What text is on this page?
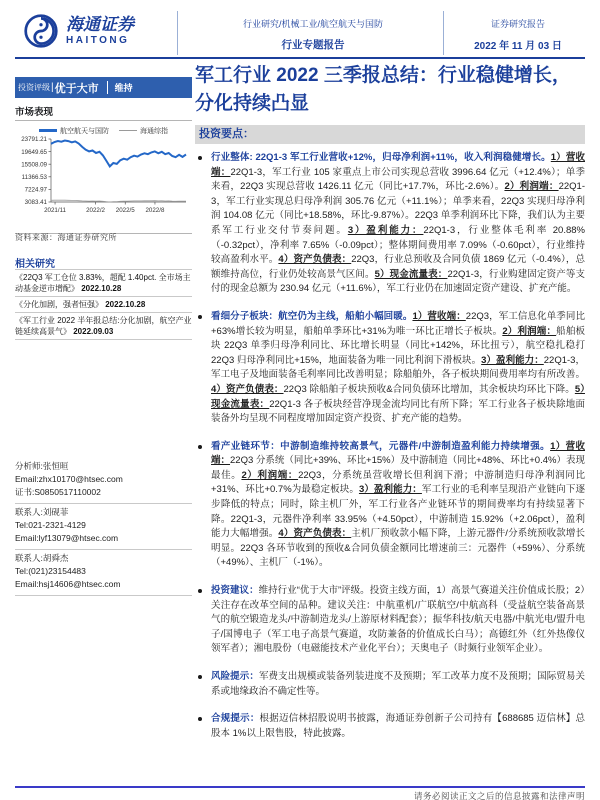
海通证券
HAITONG
行业研究/机械工业/航空航天与国防
行业专题报告
证券研究报告
2022 年 11 月 03 日
投资评级 | 优于大市 维持
市场表现
航空航天与国防	海通综指
23791.21
19649.65
15508.09
11366.53
7224.97
3083.41
2021/11	2022/2 2022/5 2022/8
资料来源：海通证券研究所
相关研究
《22Q3 军工仓位 3.83%，超配 1.40pct. 全市场主动基金逆市增配》 2022.10.28
《分化加剧，强者恒强》 2022.10.28
《军工行业 2022 半年报总结:分化加剧，航空产业链延续高景气》 2022.09.03
分析师:张恒晅
Email:zhx10170@htsec.com
证书:S0850517110002
联系人:刘砚菲
Tel:021-2321-4129
Email:lyf13079@htsec.com
联系人:胡舜杰
Tel:(021)23154483
Email:hsj14606@htsec.com
军工行业 2022 三季报总结：行业稳健增长，分化持续凸显
投资要点：
行业整体: 22Q1-3 军工行业营收+12%，归母净利润+11%，收入利润稳健增长。1）营收端：22Q1-3，军工行业 105 家重点上市公司实现总营收 3996.64 亿元（+12.4%）；单季来看，22Q3 实现总营收 1426.11 亿元（同比+17.7%，环比-2.6%）。2）利润端：22Q1-3，军工行业实现总归母净利润 305.76 亿元（+11.1%）；单季来看，22Q3 实现归母净利润 104.08 亿元（同比+18.58%，环比-9.87%）。22Q3 单季利润环比下降，我们认为主要系军工行业交付节奏问题。3）盈利能力：22Q1-3，行业整体毛利率 20.88%（-0.32pct），净利率 7.65%（-0.09pct）；整体期间费用率 7.09%（-0.60pct），行业维持较高盈利水平。4）资产负债表：22Q3，行业总预收及合同负债 1869 亿元（-0.4%），总额维持高位，行业仍处较高景气区间。5）现金流量表：22Q1-3，行业购建固定资产等支付的现金总额为 230.94 亿元（+11.6%），军工行业仍在加速固定资产建设、扩充产能。
看细分子板块：航空仍为主线，船舶小幅回暖。1）营收端：22Q3，军工信息化单季同比+63%增长较为明显，船舶单季环比+31%为唯一环比正增长子板块。2）利润端：船舶板块 22Q3 单季归母净利同比、环比增长明显（同比+142%，环比扭亏），航空稳扎稳打 22Q3 归母净利同比+15%，地面装备为唯一同比利润下滑板块。3）盈利能力：22Q1-3，军工电子及地面装备毛利率同比改善明显；除船舶外，各子板块期间费用率均有所改善。4）资产负债表：22Q3 除船舶子板块预收&合同负债环比增加，其余板块均环比下降。5）现金流量表：22Q1-3 各子板块经营净现金流均同比有所下降；军工行业各子板块除地面装备外均呈现不同程度增加固定资产投资、扩充产能的趋势。
看产业链环节：中游制造维持较高景气，元器件/中游制造盈利能力持续增强。1）营收端：22Q3 分系统（同比+39%、环比+15%）及中游制造（同比+48%、环比+0.4%）表现最佳。2）利润端：22Q3，分系统虽营收增长但利润下滑；中游制造归母净利润同比+31%、环比+0.7%为最稳定板块。3）盈利能力：军工行业的毛利率呈现沿产业链向下逐步降低的特点；同时，除主机厂外，军工行业各产业链环节的期间费率均有持续显著下降。22Q1-3，元器件净利率 33.95%（+4.50pct），中游制造 15.92%（+2.06pct），盈利能力大幅增强。4）资产负债表：主机厂预收款小幅下降，上游元器件/分系统预收款增长明显。22Q3 各环节收到的预收&合同负债金额同比增速前三：元器件（+59%）、分系统（+49%）、主机厂（-1%）。
投资建议：维持行业“优于大市”评级。投资主线方面，1）高景气赛道关注价值成长股；2）关注存在改革空间的品种。建议关注：中航重机/广联航空/中航高科（受益航空装备高景气的航空锻造龙头/中游制造龙头/上游原材料配套）；振华科技/航天电器/中航光电/盟升电子/国博电子（军工电子高景气赛道，攻防兼备的价值成长白马）；高德红外（红外热像仪领军者）；湘电股份（电磁能技术产业化平台）；天奥电子（时频行业领军企业）。
风险提示：军费支出规模或装备列装进度不及预期；军工改革力度不及预期；国际贸易关系或地缘政治不确定性等。
合规提示：根据迈信林招股说明书披露，海通证券创新子公司持有【688685 迈信林】总股本 1%以上限售股，特此披露。
请务必阅读正文之后的信息披露和法律声明
